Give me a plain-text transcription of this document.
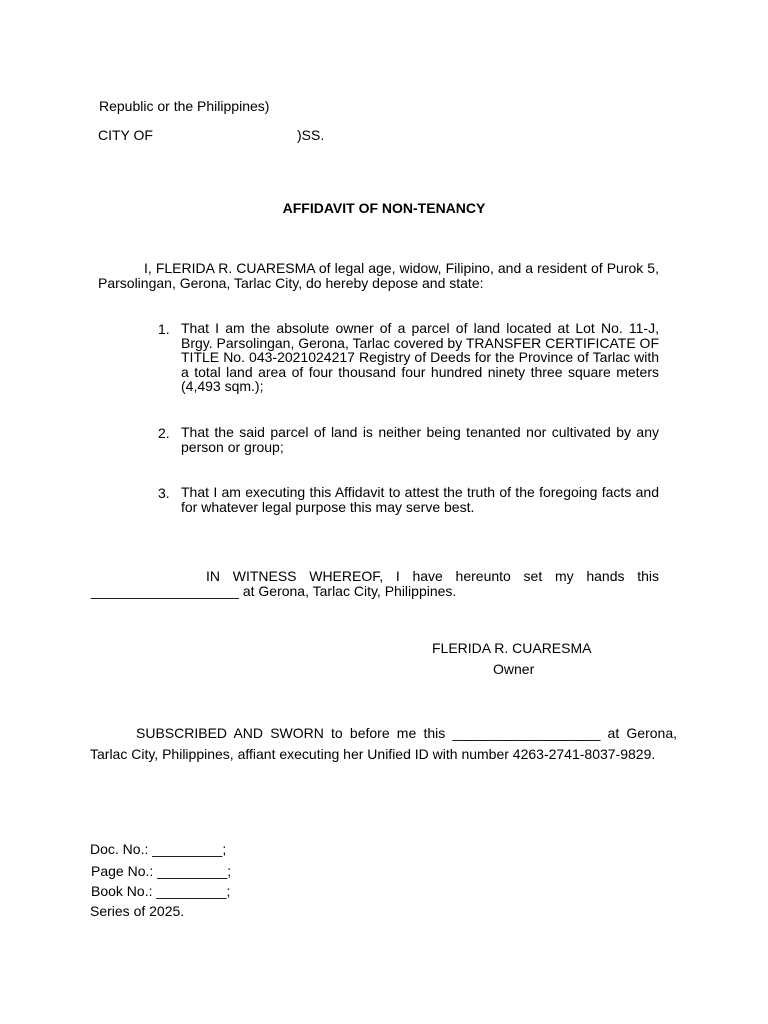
Republic or the Philippines)
CITY OF	)SS.
AFFIDAVIT OF NON-TENANCY
I, FLERIDA R. CUARESMA of legal age, widow, Filipino, and a resident of Purok 5, Parsolingan, Gerona, Tarlac City, do hereby depose and state:
1. That I am the absolute owner of a parcel of land located at Lot No. 11-J, Brgy. Parsolingan, Gerona, Tarlac covered by TRANSFER CERTIFICATE OF TITLE No. 043-2021024217 Registry of Deeds for the Province of Tarlac with a total land area of four thousand four hundred ninety three square meters (4,493 sqm.);
2. That the said parcel of land is neither being tenanted nor cultivated by any person or group;
3. That I am executing this Affidavit to attest the truth of the foregoing facts and for whatever legal purpose this may serve best.
IN WITNESS WHEREOF, I have hereunto set my hands this
___________________ at Gerona, Tarlac City, Philippines.
FLERIDA R. CUARESMA
Owner
SUBSCRIBED AND SWORN to before me this ___________________ at Gerona, Tarlac City, Philippines, affiant executing her Unified ID with number 4263-2741-8037-9829.
Doc. No.: _________;
Page No.: _________;
Book No.: _________;
Series of 2025.
